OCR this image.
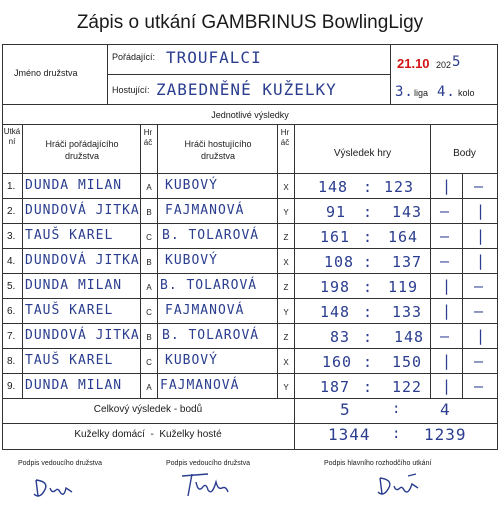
Zápis o utkání GAMBRINUS BowlingLigy
Jméno družstva
Pořádající: TROUFALCI
Hostující: ZABEDNĚNÉ KUŽELKY
21.10 202 5
3. liga 4. kolo
Jednotlivé výsledky
Utkání	Hráči pořádajícího družstva
Hráč	Hráči hostujícího družstva
Hráč
Výsledek hry	Body
1. DUNDA MILAN	A	KUBOVÝ	X	148 : 123 | —
2. DUNDOVÁ JITKA B	FAJMANOVÁ	Y	91 : 143 — |
3. TAUŠ KAREL	C B. TOLAROVÁ	Z	161 : 164 — |
4. DUNDOVÁ JITKA B	KUBOVÝ	X	108 : 137 — |
5. DUNDA MILAN	A B. TOLAROVÁ	Z	198 : 119 | —
6. TAUŠ KAREL	C	FAJMANOVÁ	Y	148 : 133 | —
7. DUNDOVÁ JITKA B B. TOLAROVÁ	Z	83 : 148 — |
8. TAUŠ KAREL	C	KUBOVÝ	X	160 : 150 | —
9. DUNDA MILAN	A FAJMANOVÁ	Y	187 : 122 | —
Celkový výsledek - bodů	5	: 4
Kuželky domácí  -  Kuželky hosté	1344 : 1239
Podpis vedoucího družstva	Podpis vedoucího družstva	Podpis hlavního rozhodčího utkání
